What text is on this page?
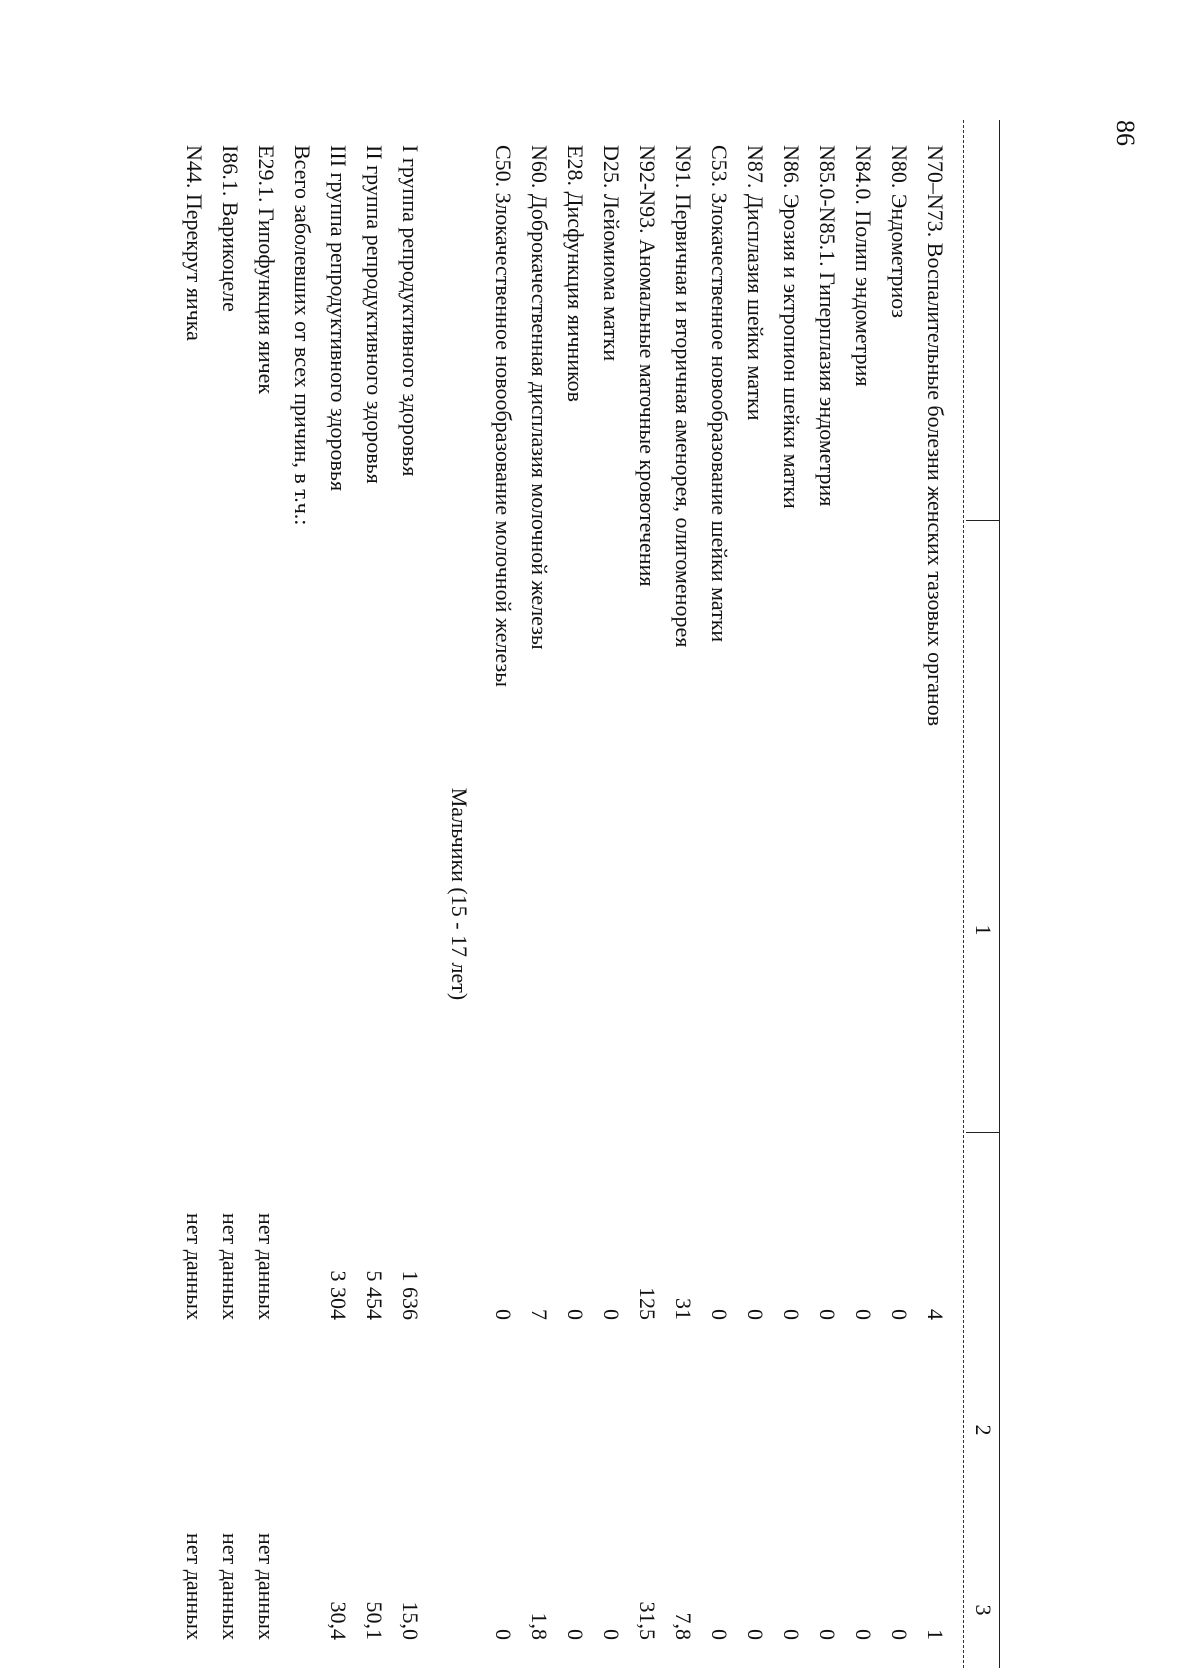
86
1
2
3
N70–N73. Воспалительные болезни женских тазовых органов
4
1
N80. Эндометриоз
0
0
N84.0. Полип эндометрия
0
0
N85.0-N85.1. Гиперплазия эндометрия
0
0
N86. Эрозия и эктропион шейки матки
0
0
N87. Дисплазия шейки матки
0
0
C53. Злокачественное новообразование шейки матки
0
0
N91. Первичная и вторичная аменорея, олигоменорея
31
7,8
N92-N93. Аномальные маточные кровотечения
125
31,5
D25. Лейомиома матки
0
0
E28. Дисфункция яичников
0
0
N60. Доброкачественная дисплазия молочной железы
7
1,8
C50. Злокачественное новообразование молочной железы
0
0
Мальчики (15 - 17 лет)
I группа репродуктивного здоровья
1 636
15,0
II группа репродуктивного здоровья
5 454
50,1
III группа репродуктивного здоровья
3 304
30,4
Всего заболевших от всех причин, в т.ч.:
E29.1. Гипофункция яичек
нет данных
нет данных
I86.1. Варикоцеле
нет данных
нет данных
N44. Перекрут яичка
нет данных
нет данных
